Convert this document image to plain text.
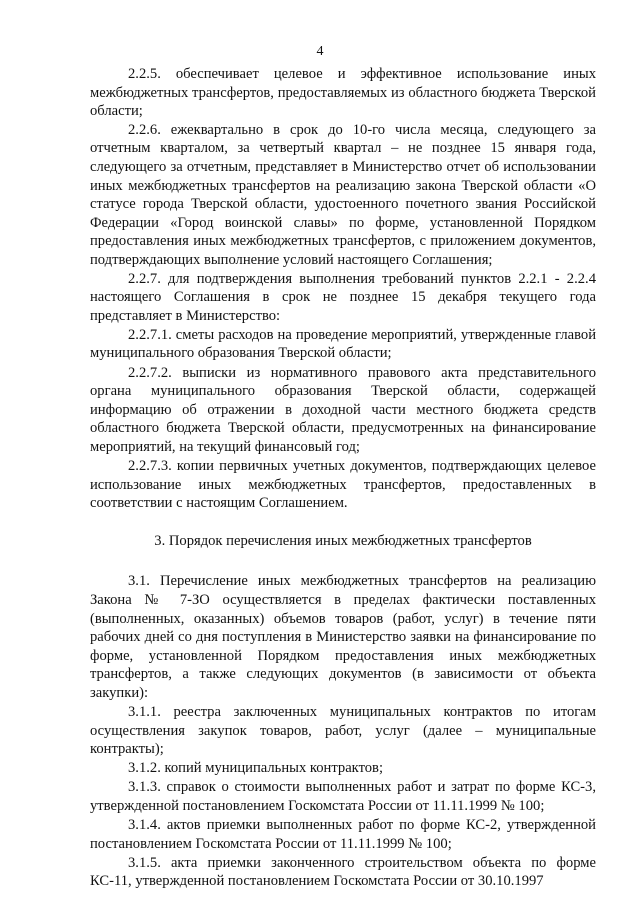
4

2.2.5. обеспечивает целевое и эффективное использование иных межбюджетных трансфертов, предоставляемых из областного бюджета Тверской области;

2.2.6. ежеквартально в срок до 10-го числа месяца, следующего за отчетным кварталом, за четвертый квартал – не позднее 15 января года, следующего за отчетным, представляет в Министерство отчет об использовании иных межбюджетных трансфертов на реализацию закона Тверской области «О статусе города Тверской области, удостоенного почетного звания Российской Федерации «Город воинской славы» по форме, установленной Порядком предоставления иных межбюджетных трансфертов, с приложением документов, подтверждающих выполнение условий настоящего Соглашения;

2.2.7. для подтверждения выполнения требований пунктов 2.2.1 - 2.2.4 настоящего Соглашения в срок не позднее 15 декабря текущего года представляет в Министерство:

2.2.7.1. сметы расходов на проведение мероприятий, утвержденные главой муниципального образования Тверской области;

2.2.7.2. выписки из нормативного правового акта представительного органа муниципального образования Тверской области, содержащей информацию об отражении в доходной части местного бюджета средств областного бюджета Тверской области, предусмотренных на финансирование мероприятий, на текущий финансовый год;

2.2.7.3. копии первичных учетных документов, подтверждающих целевое использование иных межбюджетных трансфертов, предоставленных в соответствии с настоящим Соглашением.

3. Порядок перечисления иных межбюджетных трансфертов

3.1. Перечисление иных межбюджетных трансфертов на реализацию Закона № 7-ЗО осуществляется в пределах фактически поставленных (выполненных, оказанных) объемов товаров (работ, услуг) в течение пяти рабочих дней со дня поступления в Министерство заявки на финансирование по форме, установленной Порядком предоставления иных межбюджетных трансфертов, а также следующих документов (в зависимости от объекта закупки):

3.1.1. реестра заключенных муниципальных контрактов по итогам осуществления закупок товаров, работ, услуг (далее – муниципальные контракты);

3.1.2. копий муниципальных контрактов;

3.1.3. справок о стоимости выполненных работ и затрат по форме КС-3, утвержденной постановлением Госкомстата России от 11.11.1999 № 100;

3.1.4. актов приемки выполненных работ по форме КС-2, утвержденной постановлением Госкомстата России от 11.11.1999 № 100;

3.1.5. акта приемки законченного строительством объекта по форме КС-11, утвержденной постановлением Госкомстата России от 30.10.1997
